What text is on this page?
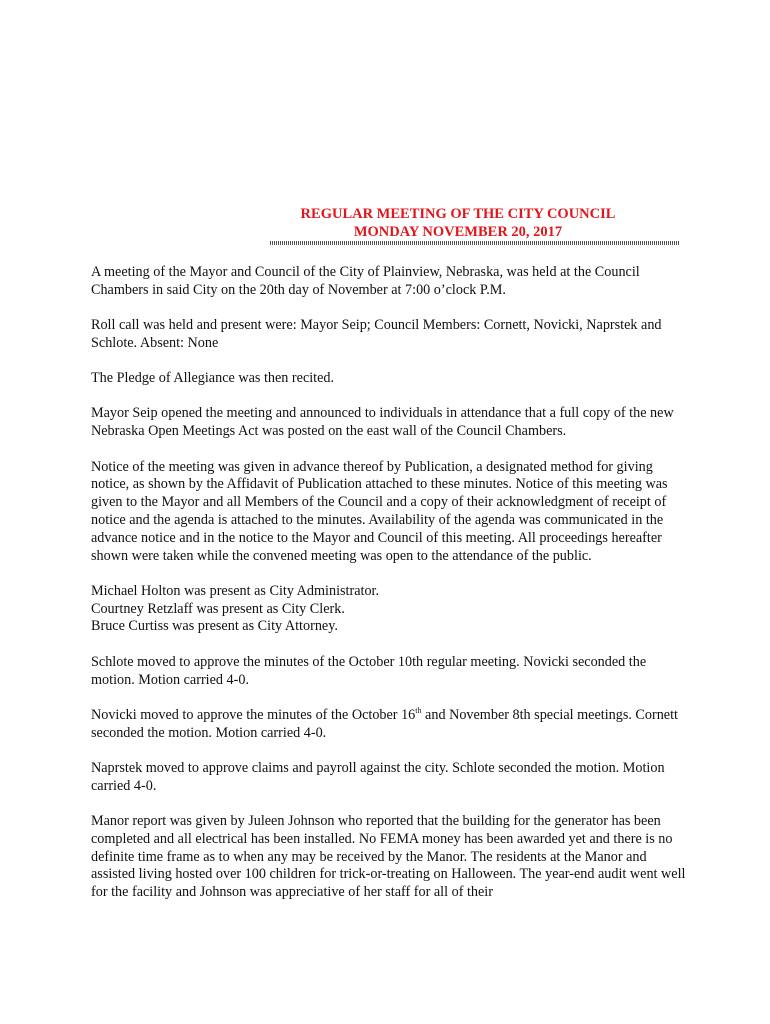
REGULAR MEETING OF THE CITY COUNCIL
MONDAY NOVEMBER 20, 2017

A meeting of the Mayor and Council of the City of Plainview, Nebraska, was held at the Council Chambers in said City on the 20th day of November at 7:00 o’clock P.M.

Roll call was held and present were: Mayor Seip; Council Members: Cornett, Novicki, Naprstek and Schlote. Absent: None

The Pledge of Allegiance was then recited.

Mayor Seip opened the meeting and announced to individuals in attendance that a full copy of the new Nebraska Open Meetings Act was posted on the east wall of the Council Chambers.

Notice of the meeting was given in advance thereof by Publication, a designated method for giving notice, as shown by the Affidavit of Publication attached to these minutes. Notice of this meeting was given to the Mayor and all Members of the Council and a copy of their acknowledgment of receipt of notice and the agenda is attached to the minutes. Availability of the agenda was communicated in the advance notice and in the notice to the Mayor and Council of this meeting. All proceedings hereafter shown were taken while the convened meeting was open to the attendance of the public.

Michael Holton was present as City Administrator.

Courtney Retzlaff was present as City Clerk.

Bruce Curtiss was present as City Attorney.

Schlote moved to approve the minutes of the October 10th regular meeting. Novicki seconded the motion. Motion carried 4-0.

Novicki moved to approve the minutes of the October 16th and November 8th special meetings. Cornett seconded the motion. Motion carried 4-0.

Naprstek moved to approve claims and payroll against the city. Schlote seconded the motion. Motion carried 4-0.

Manor report was given by Juleen Johnson who reported that the building for the generator has been completed and all electrical has been installed. No FEMA money has been awarded yet and there is no definite time frame as to when any may be received by the Manor. The residents at the Manor and assisted living hosted over 100 children for trick-or-treating on Halloween. The year-end audit went well for the facility and Johnson was appreciative of her staff for all of their
